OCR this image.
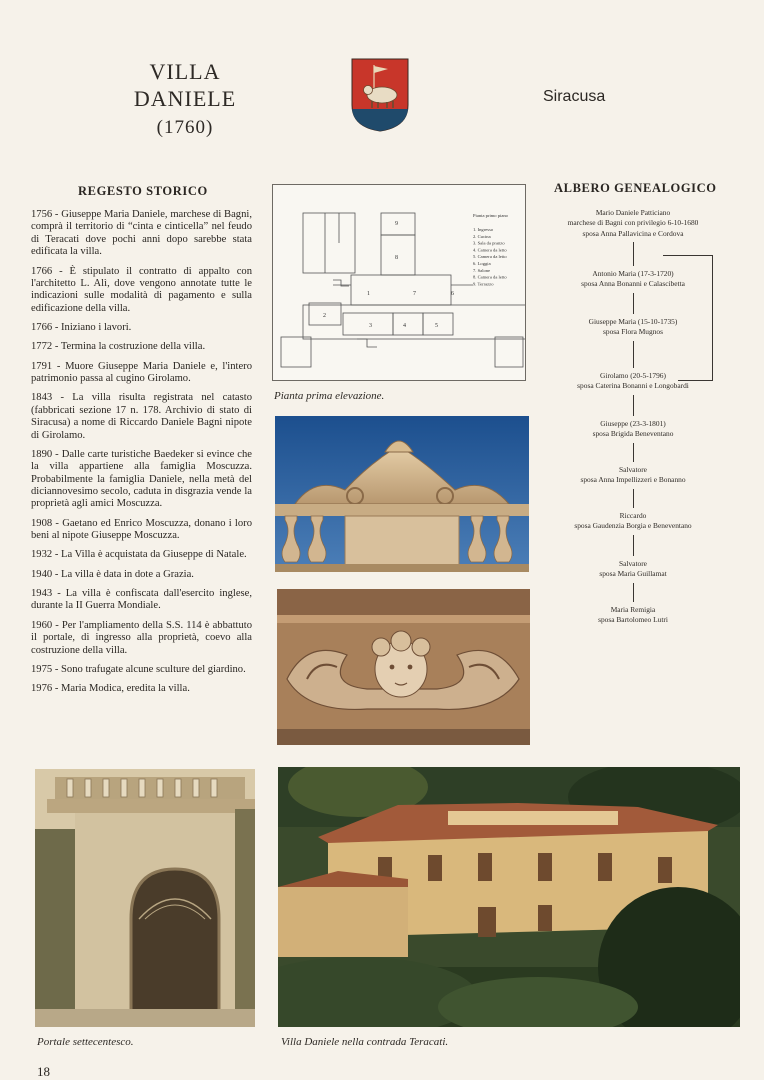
VILLA
DANIELE
(1760)
Siracusa
REGESTO STORICO

1756 - Giuseppe Maria Daniele, marchese di Bagni, comprà il territorio di “cinta e cinticella” nel feudo di Teracati dove pochi anni dopo sarebbe stata edificata la villa.

1766 - È stipulato il contratto di appalto con l'architetto L. Alì, dove vengono annotate tutte le indicazioni sulle modalità di pagamento e sulla edificazione della villa.

1766 - Iniziano i lavori.

1772 - Termina la costruzione della villa.

1791 - Muore Giuseppe Maria Daniele e, l'intero patrimonio passa al cugino Girolamo.

1843 - La villa risulta registrata nel catasto (fabbricati sezione 17 n. 178. Archivio di stato di Siracusa) a nome di Riccardo Daniele Bagni nipote di Girolamo.

1890 - Dalle carte turistiche Baedeker si evince che la villa appartiene alla famiglia Moscuzza. Probabilmente la famiglia Daniele, nella metà del diciannovesimo secolo, caduta in disgrazia vende la proprietà agli amici Moscuzza.

1908 - Gaetano ed Enrico Moscuzza, donano i loro beni al nipote Giuseppe Moscuzza.

1932 - La Villa è acquistata da Giuseppe di Natale.

1940 - La villa è data in dote a Grazia.

1943 - La villa è confiscata dall'esercito inglese, durante la II Guerra Mondiale.

1960 - Per l'ampliamento della S.S. 114 è abbattuto il portale, di ingresso alla proprietà, coevo alla costruzione della villa.

1975 - Sono trafugate alcune sculture del giardino.

1976 - Maria Modica, eredita la villa.

9
8
1	7	6
2
3	4	5
Pianta primo piano
1. Ingresso
2. Cucina
3. Sala da pranzo
4. Camera da letto
5. Camera da letto
6. Loggia
7. Salone
8. Camera da letto
9. Terrazzo
Pianta prima elevazione.
ALBERO GENEALOGICO
Mario Daniele Patticiano
marchese di Bagni con privilegio 6-10-1680
sposa Anna Pallavicina e Cordova
Antonio Maria (17-3-1720)
sposa Anna Bonanni e Calascibetta
Giuseppe Maria (15-10-1735)
sposa Flora Mugnos
Girolamo (20-5-1796)
sposa Caterina Bonanni e Longobardi
Giuseppe (23-3-1801)
sposa Brigida Beneventano
Salvatore
sposa Anna Impellizzeri e Bonanno
Riccardo
sposa Gaudenzia Borgia e Beneventano
Salvatore
sposa Maria Guillamat
Maria Remigia
sposa Bartolomeo Lutri
Portale settecentesco.	Villa Daniele nella contrada Teracati.
18
